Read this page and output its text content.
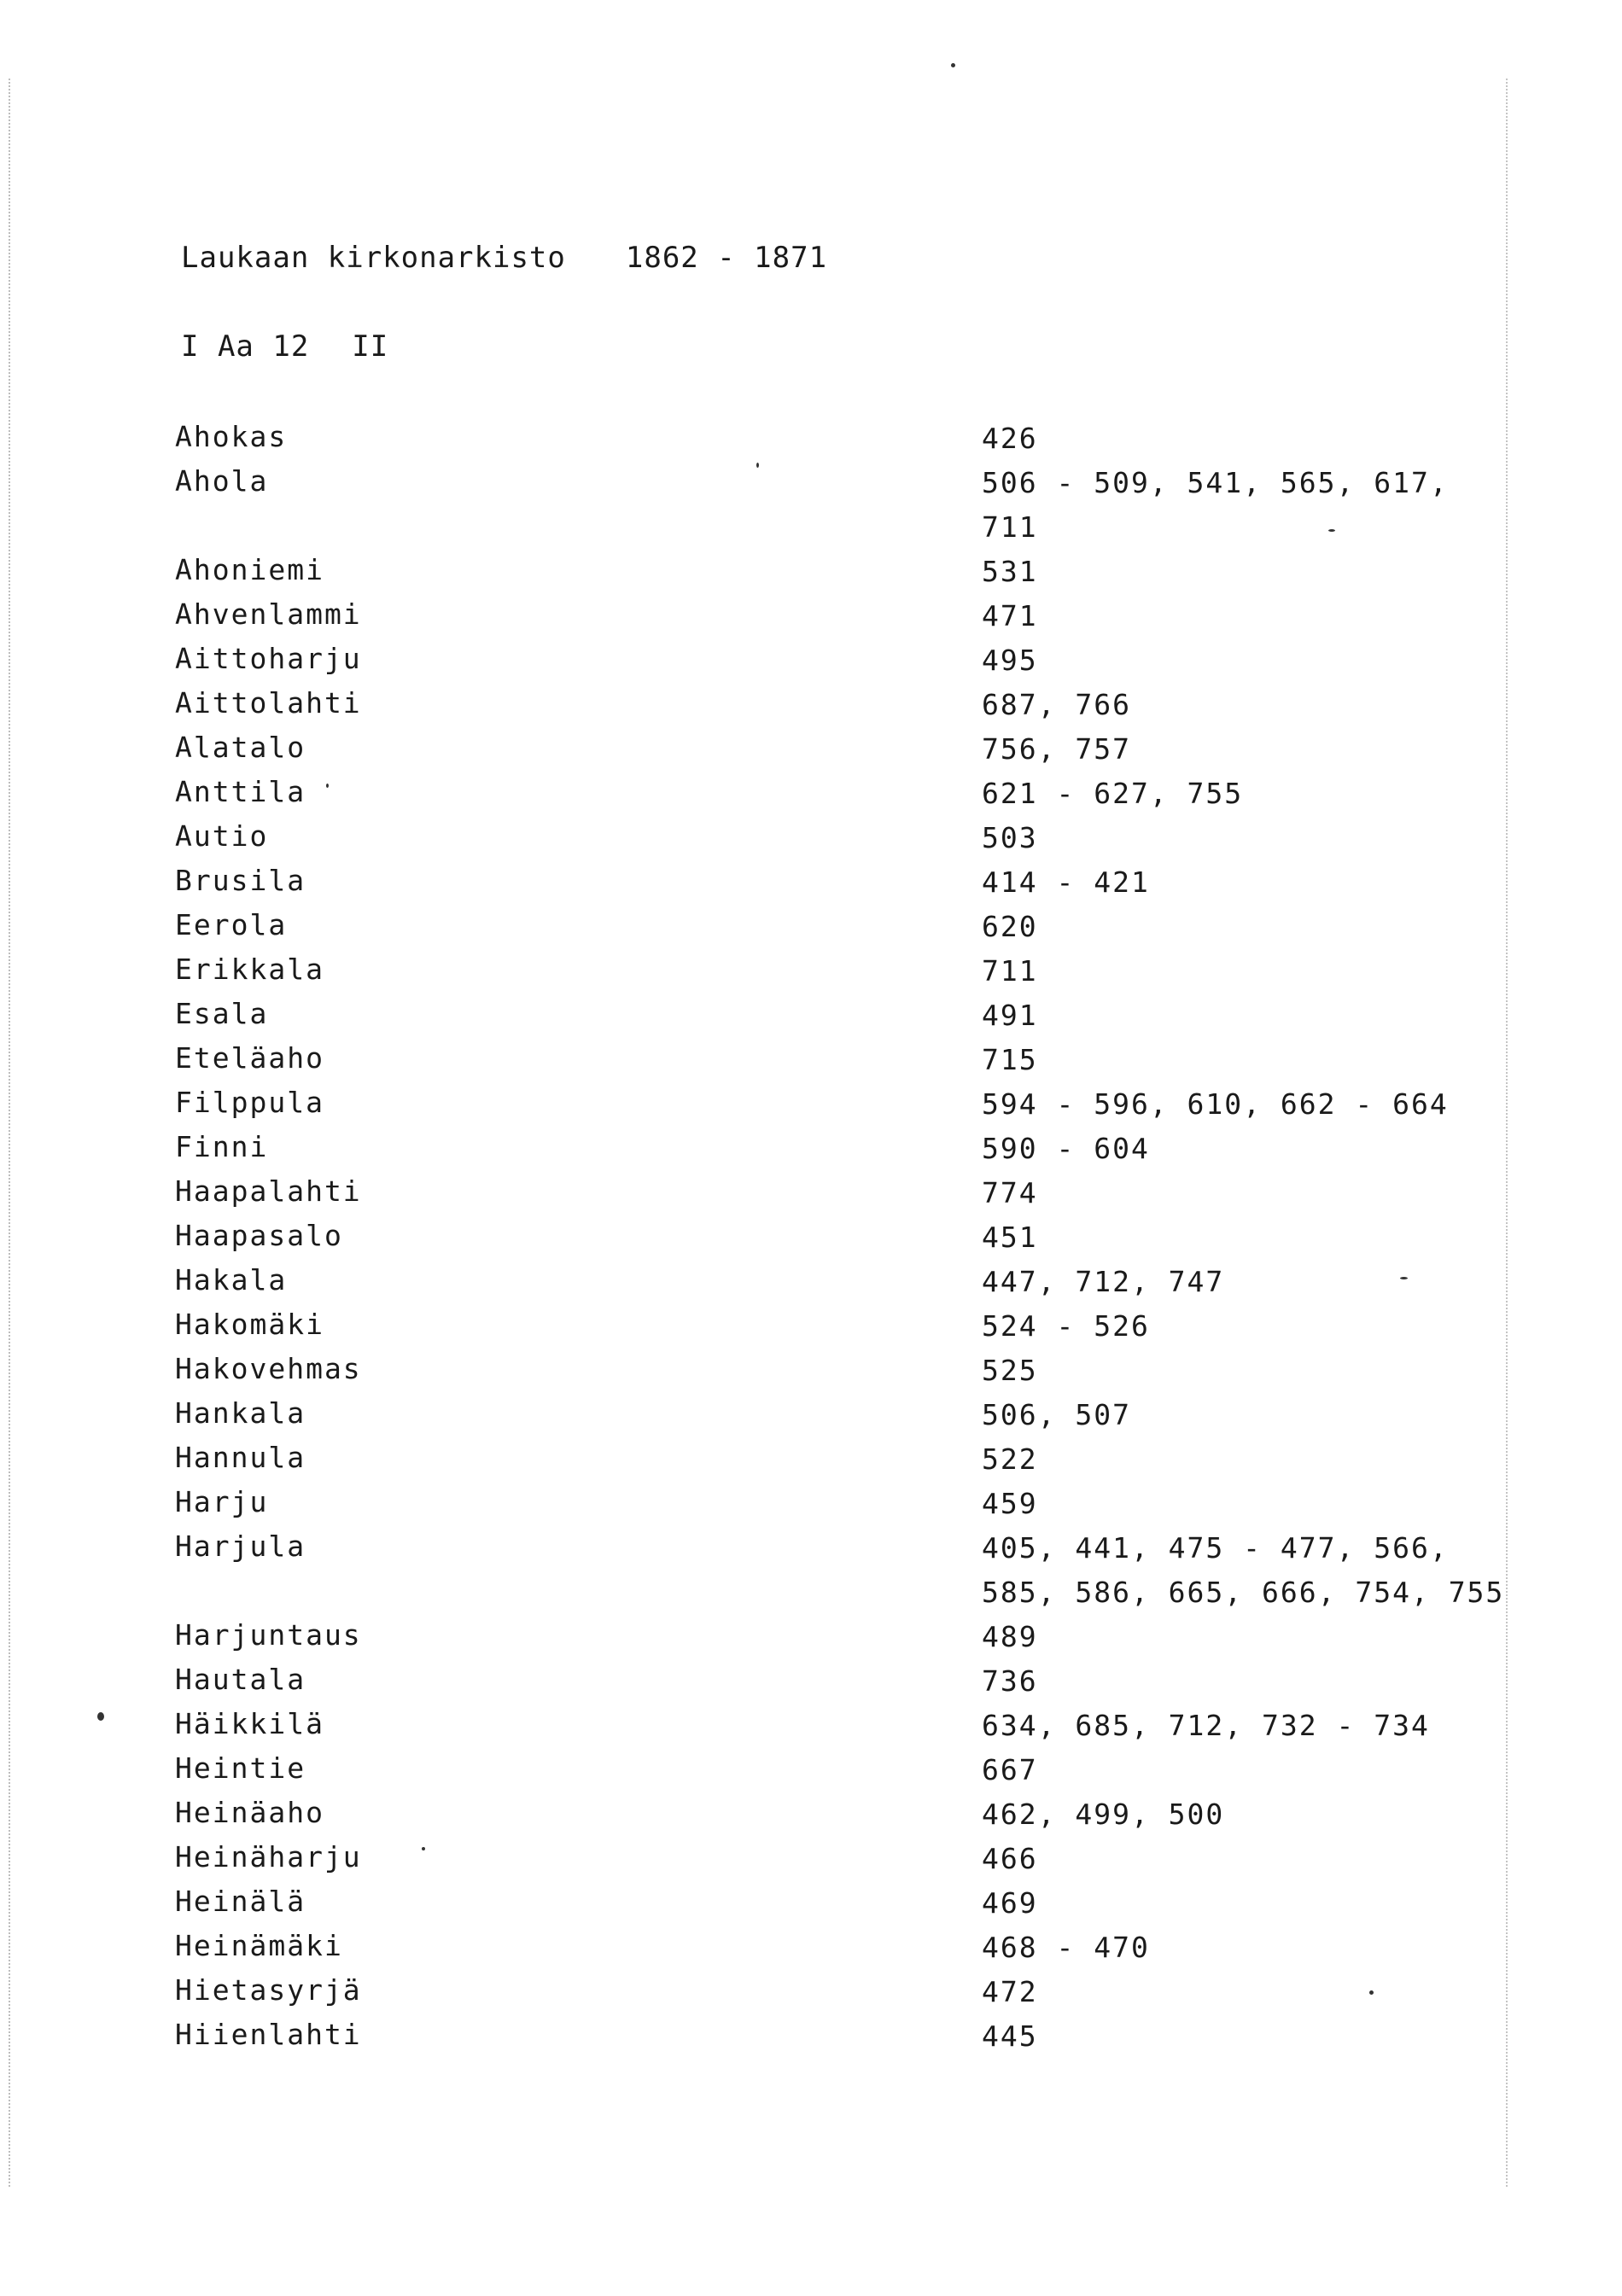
Laukaan kirkonarkisto 1862 - 1871
I Aa 12 II
Ahokas	426
Ahola	506 - 509, 541, 565, 617,
711
Ahoniemi	531
Ahvenlammi	471
Aittoharju	495
Aittolahti	687, 766
Alatalo	756, 757
Anttila	621 - 627, 755
Autio	503
Brusila	414 - 421
Eerola	620
Erikkala	711
Esala	491
Eteläaho	715
Filppula	594 - 596, 610, 662 - 664
Finni	590 - 604
Haapalahti	774
Haapasalo	451
Hakala	447, 712, 747
Hakomäki	524 - 526
Hakovehmas	525
Hankala	506, 507
Hannula	522
Harju	459
Harjula	405, 441, 475 - 477, 566,
585, 586, 665, 666, 754, 755
Harjuntaus	489
Hautala	736
Häikkilä	634, 685, 712, 732 - 734
Heintie	667
Heinäaho	462, 499, 500
Heinäharju	466
Heinälä	469
Heinämäki	468 - 470
Hietasyrjä	472
Hiienlahti	445
